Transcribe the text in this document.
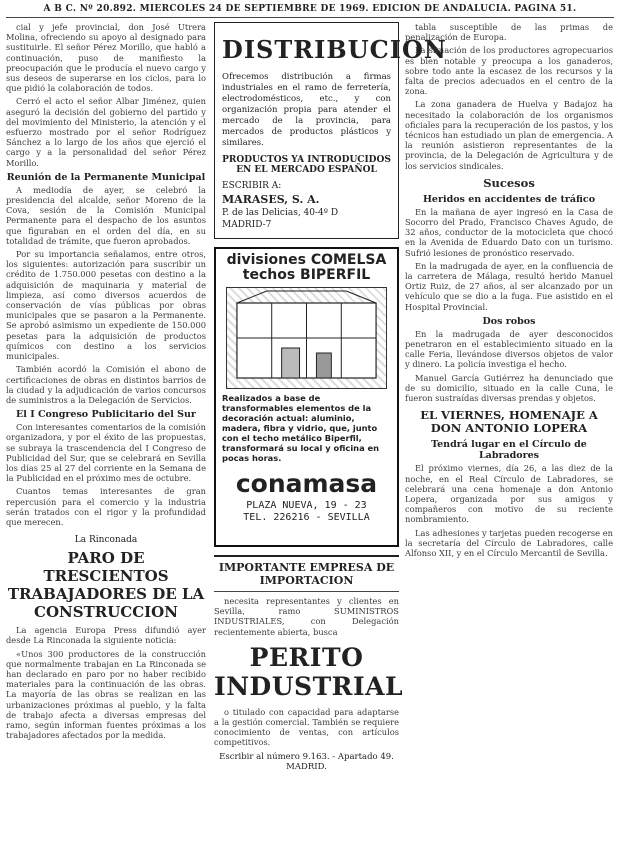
A B C. Nº 20.892. MIERCOLES 24 DE SEPTIEMBRE DE 1969. EDICION DE ANDALUCIA. PAGINA 51.

cial y jefe provincial, don José Utrera Molina, ofreciendo su apoyo al designado para sustituirle. El señor Pérez Morillo, que habló a continuación, puso de manifiesto la preocupación que le producía el nuevo cargo y sus deseos de superarse en los ciclos, para lo que pidió la colaboración de todos.

Cerró el acto el señor Albar Jiménez, quien aseguró la decisión del gobierno del partido y del movimiento del Ministerio, la atención y el esfuerzo mostrado por el señor Rodríguez Sánchez a lo largo de los años que ejerció el cargo y a la personalidad del señor Pérez Morillo.

Reunión de la Permanente Municipal

A mediodía de ayer, se celebró la presidencia del alcalde, señor Moreno de la Cova, sesión de la Comisión Municipal Permanente para el despacho de los asuntos que figuraban en el orden del día, en su totalidad de trámite, que fueron aprobados.

Por su importancia señalamos, entre otros, los siguientes: autorización para suscribir un crédito de 1.750.000 pesetas con destino a la adquisición de maquinaria y material de limpieza, así como diversos acuerdos de conservación de vías públicas por obras municipales que se pasaron a la Permanente. Se aprobó asimismo un expediente de 150.000 pesetas para la adquisición de productos químicos con destino a los servicios municipales.

También acordó la Comisión el abono de certificaciones de obras en distintos barrios de la ciudad y la adjudicación de varios concursos de suministros a la Delegación de Servicios.

El I Congreso Publicitario del Sur

Con interesantes comentarios de la comisión organizadora, y por el éxito de las propuestas, se subraya la trascendencia del I Congreso de Publicidad del Sur, que se celebrará en Sevilla los días 25 al 27 del corriente en la Semana de la Publicidad en el próximo mes de octubre.

Cuantos temas interesantes de gran repercusión para el comercio y la industria serán tratados con el rigor y la profundidad que merecen.

La Rinconada
PARO DE TRESCIENTOS TRABAJADORES DE LA CONSTRUCCION

La agencia Europa Press difundió ayer desde La Rinconada la siguiente noticia:

«Unos 300 productores de la construcción que normalmente trabajan en La Rinconada se han declarado en paro por no haber recibido materiales para la continuación de las obras. La mayoría de las obras se realizan en las urbanizaciones próximas al pueblo, y la falta de trabajo afecta a diversas empresas del ramo, según informan fuentes próximas a los trabajadores afectados por la medida.

DISTRIBUCION
Ofrecemos distribución a firmas industriales en el ramo de ferretería, electrodomésticos, etc., y con organización propia para atender el mercado de la provincia, para mercados de productos plásticos y similares.
PRODUCTOS YA INTRODUCIDOS EN EL MERCADO ESPAÑOL
ESCRIBIR A:
MARASES, S. A.
P. de las Delicias, 40-4º D
MADRID-7
divisiones COMELSA
techos BIPERFIL
Realizados a base de transformables elementos de la decoración actual: aluminio, madera, fibra y vidrio, que, junto con el techo metálico Biperfil, transformará su local y oficina en pocas horas.
conamasa
PLAZA NUEVA, 19 - 23
TEL. 226216 - SEVILLA
IMPORTANTE EMPRESA DE
IMPORTACION

necesita representantes y clientes en Sevilla, ramo SUMINISTROS INDUSTRIALES, con Delegación recientemente abierta, busca

PERITO INDUSTRIAL

o titulado con capacidad para adaptarse a la gestión comercial. También se requiere conocimiento de ventas, con artículos competitivos.

Escribir al número 9.163. - Apartado 49. MADRID.

tabla susceptible de las primas de penalización de Europa.

La situación de los productores agropecuarios es bien notable y preocupa a los ganaderos, sobre todo ante la escasez de los recursos y la falta de precios adecuados en el centro de la zona.

La zona ganadera de Huelva y Badajoz ha necesitado la colaboración de los organismos oficiales para la recuperación de los pastos, y los técnicos han estudiado un plan de emergencia. A la reunión asistieron representantes de la provincia, de la Delegación de Agricultura y de los servicios sindicales.

Sucesos
Heridos en accidentes de tráfico

En la mañana de ayer ingresó en la Casa de Socorro del Prado, Francisco Chaves Agudo, de 32 años, conductor de la motocicleta que chocó en la Avenida de Eduardo Dato con un turismo. Sufrió lesiones de pronóstico reservado.

En la madrugada de ayer, en la confluencia de la carretera de Málaga, resultó herido Manuel Ortiz Ruiz, de 27 años, al ser alcanzado por un vehículo que se dio a la fuga. Fue asistido en el Hospital Provincial.

Dos robos

En la madrugada de ayer desconocidos penetraron en el establecimiento situado en la calle Feria, llevándose diversos objetos de valor y dinero. La policía investiga el hecho.

Manuel García Gutiérrez ha denunciado que de su domicilio, situado en la calle Cuna, le fueron sustraídas diversas prendas y objetos.

EL VIERNES, HOMENAJE A DON ANTONIO LOPERA
Tendrá lugar en el Círculo de Labradores

El próximo viernes, día 26, a las diez de la noche, en el Real Círculo de Labradores, se celebrará una cena homenaje a don Antonio Lopera, organizada por sus amigos y compañeros con motivo de su reciente nombramiento.

Las adhesiones y tarjetas pueden recogerse en la secretaría del Círculo de Labradores, calle Alfonso XII, y en el Círculo Mercantil de Sevilla.
